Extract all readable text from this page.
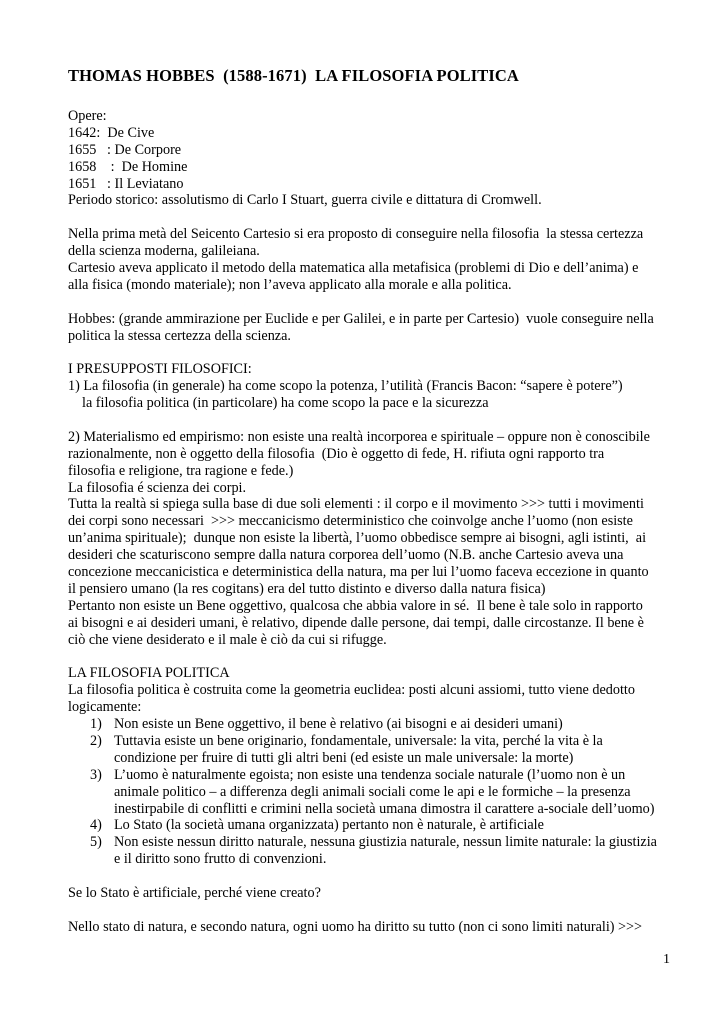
THOMAS HOBBES  (1588-1671)  LA FILOSOFIA POLITICA
Opere:
1642:  De Cive
1655   : De Corpore
1658    :  De Homine
1651   : Il Leviatano
Periodo storico: assolutismo di Carlo I Stuart, guerra civile e dittatura di Cromwell.
Nella prima metà del Seicento Cartesio si era proposto di conseguire nella filosofia  la stessa certezza
della scienza moderna, galileiana.
Cartesio aveva applicato il metodo della matematica alla metafisica (problemi di Dio e dell’anima) e
alla fisica (mondo materiale); non l’aveva applicato alla morale e alla politica.
Hobbes: (grande ammirazione per Euclide e per Galilei, e in parte per Cartesio)  vuole conseguire nella
politica la stessa certezza della scienza.
I PRESUPPOSTI FILOSOFICI:
1) La filosofia (in generale) ha come scopo la potenza, l’utilità (Francis Bacon: “sapere è potere”)
la filosofia politica (in particolare) ha come scopo la pace e la sicurezza
2) Materialismo ed empirismo: non esiste una realtà incorporea e spirituale – oppure non è conoscibile
razionalmente, non è oggetto della filosofia  (Dio è oggetto di fede, H. rifiuta ogni rapporto tra
filosofia e religione, tra ragione e fede.)
La filosofia é scienza dei corpi.
Tutta la realtà si spiega sulla base di due soli elementi : il corpo e il movimento >>> tutti i movimenti
dei corpi sono necessari  >>> meccanicismo deterministico che coinvolge anche l’uomo (non esiste
un’anima spirituale);  dunque non esiste la libertà, l’uomo obbedisce sempre ai bisogni, agli istinti,  ai
desideri che scaturiscono sempre dalla natura corporea dell’uomo (N.B. anche Cartesio aveva una
concezione meccanicistica e deterministica della natura, ma per lui l’uomo faceva eccezione in quanto
il pensiero umano (la res cogitans) era del tutto distinto e diverso dalla natura fisica)
Pertanto non esiste un Bene oggettivo, qualcosa che abbia valore in sé.  Il bene è tale solo in rapporto
ai bisogni e ai desideri umani, è relativo, dipende dalle persone, dai tempi, dalle circostanze. Il bene è
ciò che viene desiderato e il male è ciò da cui si rifugge.
LA FILOSOFIA POLITICA
La filosofia politica è costruita come la geometria euclidea: posti alcuni assiomi, tutto viene dedotto
logicamente:
1) Non esiste un Bene oggettivo, il bene è relativo (ai bisogni e ai desideri umani)
2) Tuttavia esiste un bene originario, fondamentale, universale: la vita, perché la vita è la
condizione per fruire di tutti gli altri beni (ed esiste un male universale: la morte)
3) L’uomo è naturalmente egoista; non esiste una tendenza sociale naturale (l’uomo non è un
animale politico – a differenza degli animali sociali come le api e le formiche – la presenza
inestirpabile di conflitti e crimini nella società umana dimostra il carattere a-sociale dell’uomo)
4) Lo Stato (la società umana organizzata) pertanto non è naturale, è artificiale
5) Non esiste nessun diritto naturale, nessuna giustizia naturale, nessun limite naturale: la giustizia
e il diritto sono frutto di convenzioni.
Se lo Stato è artificiale, perché viene creato?
Nello stato di natura, e secondo natura, ogni uomo ha diritto su tutto (non ci sono limiti naturali) >>>
1
